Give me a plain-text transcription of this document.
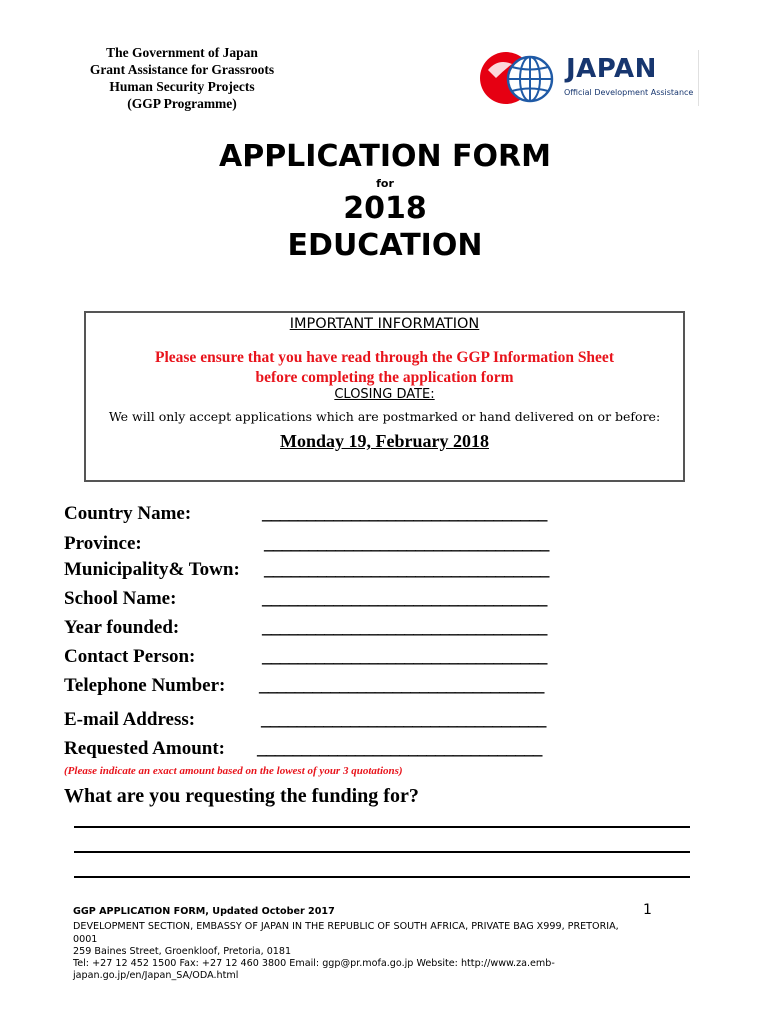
The Government of Japan
Grant Assistance for Grassroots
Human Security Projects
(GGP Programme)
JAPAN
Official Development Assistance
APPLICATION FORM
for
2018
EDUCATION
IMPORTANT INFORMATION
Please ensure that you have read through the GGP Information Sheet
before completing the application form
CLOSING DATE:
We will only accept applications which are postmarked or hand delivered on or before:
Monday 19, February 2018
Country Name:	________________________________
Province:	________________________________
Municipality& Town: ________________________________
School Name:	________________________________
Year founded:	________________________________
Contact Person:	________________________________
Telephone Number: ________________________________
E-mail Address:	________________________________
Requested Amount: ________________________________
(Please indicate an exact amount based on the lowest of your 3 quotations)
What are you requesting the funding for?
GGP APPLICATION FORM, Updated October 2017	1
DEVELOPMENT SECTION, EMBASSY OF JAPAN IN THE REPUBLIC OF SOUTH AFRICA, PRIVATE BAG X999, PRETORIA,
0001
259 Baines Street, Groenkloof, Pretoria, 0181
Tel: +27 12 452 1500 Fax: +27 12 460 3800 Email: ggp@pr.mofa.go.jp Website: http://www.za.emb-
japan.go.jp/en/Japan_SA/ODA.html
